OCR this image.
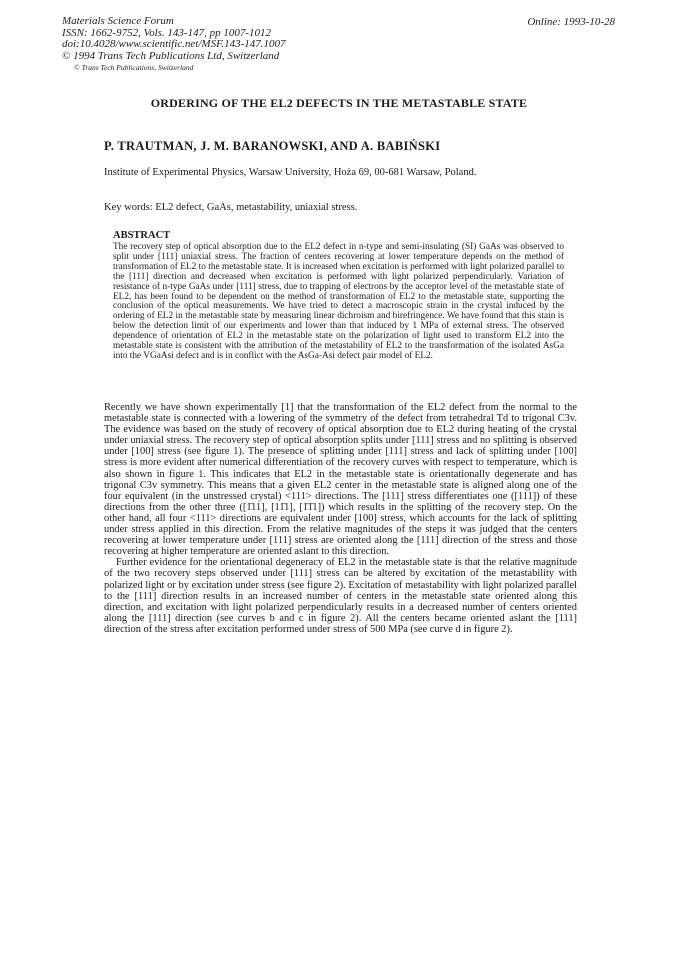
Materials Science Forum
ISSN: 1662-9752, Vols. 143-147, pp 1007-1012
doi:10.4028/www.scientific.net/MSF.143-147.1007
© 1994 Trans Tech Publications Ltd, Switzerland
© Trans Tech Publications, Switzerland
Online: 1993-10-28
ORDERING OF THE EL2 DEFECTS IN THE METASTABLE STATE
P. TRAUTMAN, J. M. BARANOWSKI, AND A. BABIŃSKI
Institute of Experimental Physics, Warsaw University, Hoża 69, 00-681 Warsaw, Poland.
Key words: EL2 defect, GaAs, metastability, uniaxial stress.
ABSTRACT
The recovery step of optical absorption due to the EL2 defect in n-type and semi-insulating (SI) GaAs was observed to split under [111] uniaxial stress. The fraction of centers recovering at lower temperature depends on the method of transformation of EL2 to the metastable state. It is increased when excitation is performed with light polarized parallel to the [111] direction and decreased when excitation is performed with light polarized perpendicularly. Variation of resistance of n-type GaAs under [111] stress, due to trapping of electrons by the acceptor level of the metastable state of EL2, has been found to be dependent on the method of transformation of EL2 to the metastable state, supporting the conclusion of the optical measurements. We have tried to detect a macroscopic strain in the crystal induced by the ordering of EL2 in the metastable state by measuring linear dichroism and birefringence. We have found that this stain is below the detection limit of our experiments and lower than that induced by 1 MPa of external stress. The observed dependence of orientation of EL2 in the metastable state on the polarization of light used to transform EL2 into the metastable state is consistent with the attribution of the metastability of EL2 to the transformation of the isolated AsGa into the VGaAsi defect and is in conflict with the AsGa-Asi defect pair model of EL2.

Recently we have shown experimentally [1] that the transformation of the EL2 defect from the normal to the metastable state is connected with a lowering of the symmetry of the defect from tetrahedral Td to trigonal C3v. The evidence was based on the study of recovery of optical absorption due to EL2 during heating of the crystal under uniaxial stress. The recovery step of optical absorption splits under [111] stress and no splitting is observed under [100] stress (see figure 1). The presence of splitting under [111] stress and lack of splitting under [100] stress is more evident after numerical differentiation of the recovery curves with respect to temperature, which is also shown in figure 1. This indicates that EL2 in the metastable state is orientationally degenerate and has trigonal C3v symmetry. This means that a given EL2 center in the metastable state is aligned along one of the four equivalent (in the unstressed crystal) <111> directions. The [111] stress differentiates one ([111]) of these directions from the other three ([1̄11], [11̄1], [1̄1̄1]) which results in the splitting of the recovery step. On the other hand, all four <111> directions are equivalent under [100] stress, which accounts for the lack of splitting under stress applied in this direction. From the relative magnitudes of the steps it was judged that the centers recovering at lower temperature under [111] stress are oriented along the [111] direction of the stress and those recovering at higher temperature are oriented aslant to this direction.

Further evidence for the orientational degeneracy of EL2 in the metastable state is that the relative magnitude of the two recovery steps observed under [111] stress can be altered by excitation of the metastability with polarized light or by excitation under stress (see figure 2). Excitation of metastability with light polarized parallel to the [111] direction results in an increased number of centers in the metastable state oriented along this direction, and excitation with light polarized perpendicularly results in a decreased number of centers oriented along the [111] direction (see curves b and c in figure 2). All the centers became oriented aslant the [111] direction of the stress after excitation performed under stress of 500 MPa (see curve d in figure 2).
